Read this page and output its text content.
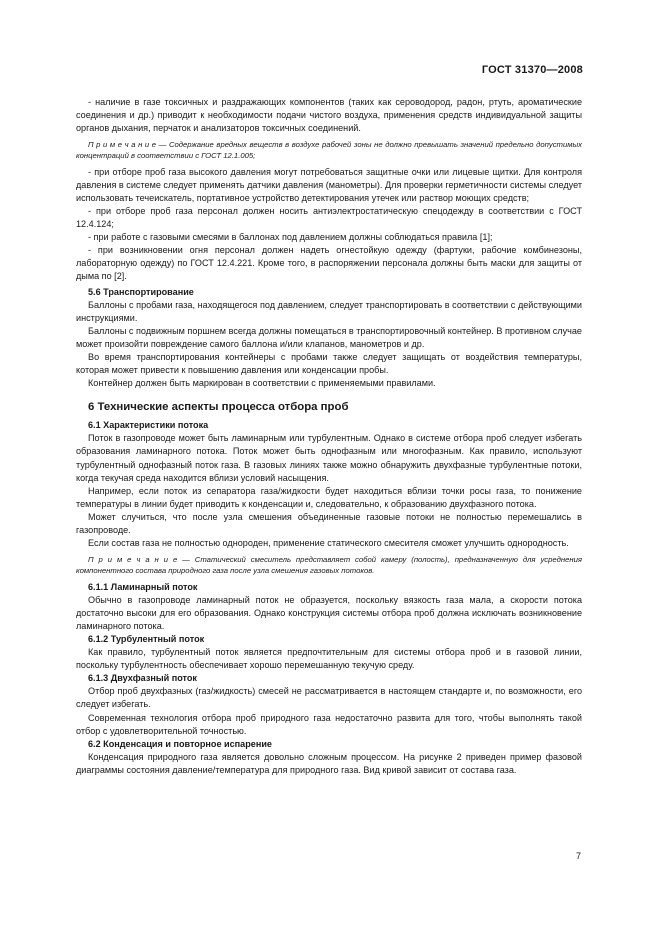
ГОСТ 31370—2008

- наличие в газе токсичных и раздражающих компонентов (таких как сероводород, радон, ртуть, ароматические соединения и др.) приводит к необходимости подачи чистого воздуха, применения средств индивидуальной защиты органов дыхания, перчаток и анализаторов токсичных соединений.

П р и м е ч а н и е — Содержание вредных веществ в воздухе рабочей зоны не должно превышать значений предельно допустимых концентраций в соответствии с ГОСТ 12.1.005;

- при отборе проб газа высокого давления могут потребоваться защитные очки или лицевые щитки. Для контроля давления в системе следует применять датчики давления (манометры). Для проверки герметичности системы следует использовать течеискатель, портативное устройство детектирования утечек или раствор моющих средств;

- при отборе проб газа персонал должен носить антиэлектростатическую спецодежду в соответствии с ГОСТ 12.4.124;

- при работе с газовыми смесями в баллонах под давлением должны соблюдаться правила [1];

- при возникновении огня персонал должен надеть огнестойкую одежду (фартуки, рабочие комбинезоны, лабораторную одежду) по ГОСТ 12.4.221. Кроме того, в распоряжении персонала должны быть маски для защиты от дыма по [2].

5.6 Транспортирование

Баллоны с пробами газа, находящегося под давлением, следует транспортировать в соответствии с действующими инструкциями.

Баллоны с подвижным поршнем всегда должны помещаться в транспортировочный контейнер. В противном случае может произойти повреждение самого баллона и/или клапанов, манометров и др.

Во время транспортирования контейнеры с пробами также следует защищать от воздействия температуры, которая может привести к повышению давления или конденсации пробы.

Контейнер должен быть маркирован в соответствии с применяемыми правилами.

6 Технические аспекты процесса отбора проб

6.1 Характеристики потока

Поток в газопроводе может быть ламинарным или турбулентным. Однако в системе отбора проб следует избегать образования ламинарного потока. Поток может быть однофазным или многофазным. Как правило, используют турбулентный однофазный поток газа. В газовых линиях также можно обнаружить двухфазные турбулентные потоки, когда текучая среда находится вблизи условий насыщения.

Например, если поток из сепаратора газа/жидкости будет находиться вблизи точки росы газа, то понижение температуры в линии будет приводить к конденсации и, следовательно, к образованию двухфазного потока.

Может случиться, что после узла смешения объединенные газовые потоки не полностью перемешались в газопроводе.

Если состав газа не полностью однороден, применение статического смесителя сможет улучшить однородность.

П р и м е ч а н и е — Статический смеситель представляет собой камеру (полость), предназначенную для усреднения компонентного состава природного газа после узла смешения газовых потоков.

6.1.1 Ламинарный поток

Обычно в газопроводе ламинарный поток не образуется, поскольку вязкость газа мала, а скорости потока достаточно высоки для его образования. Однако конструкция системы отбора проб должна исключать возникновение ламинарного потока.

6.1.2 Турбулентный поток

Как правило, турбулентный поток является предпочтительным для системы отбора проб и в газовой линии, поскольку турбулентность обеспечивает хорошо перемешанную текучую среду.

6.1.3 Двухфазный поток

Отбор проб двухфазных (газ/жидкость) смесей не рассматривается в настоящем стандарте и, по возможности, его следует избегать.

Современная технология отбора проб природного газа недостаточно развита для того, чтобы выполнять такой отбор с удовлетворительной точностью.

6.2 Конденсация и повторное испарение

Конденсация природного газа является довольно сложным процессом. На рисунке 2 приведен пример фазовой диаграммы состояния давление/температура для природного газа. Вид кривой зависит от состава газа.

7
